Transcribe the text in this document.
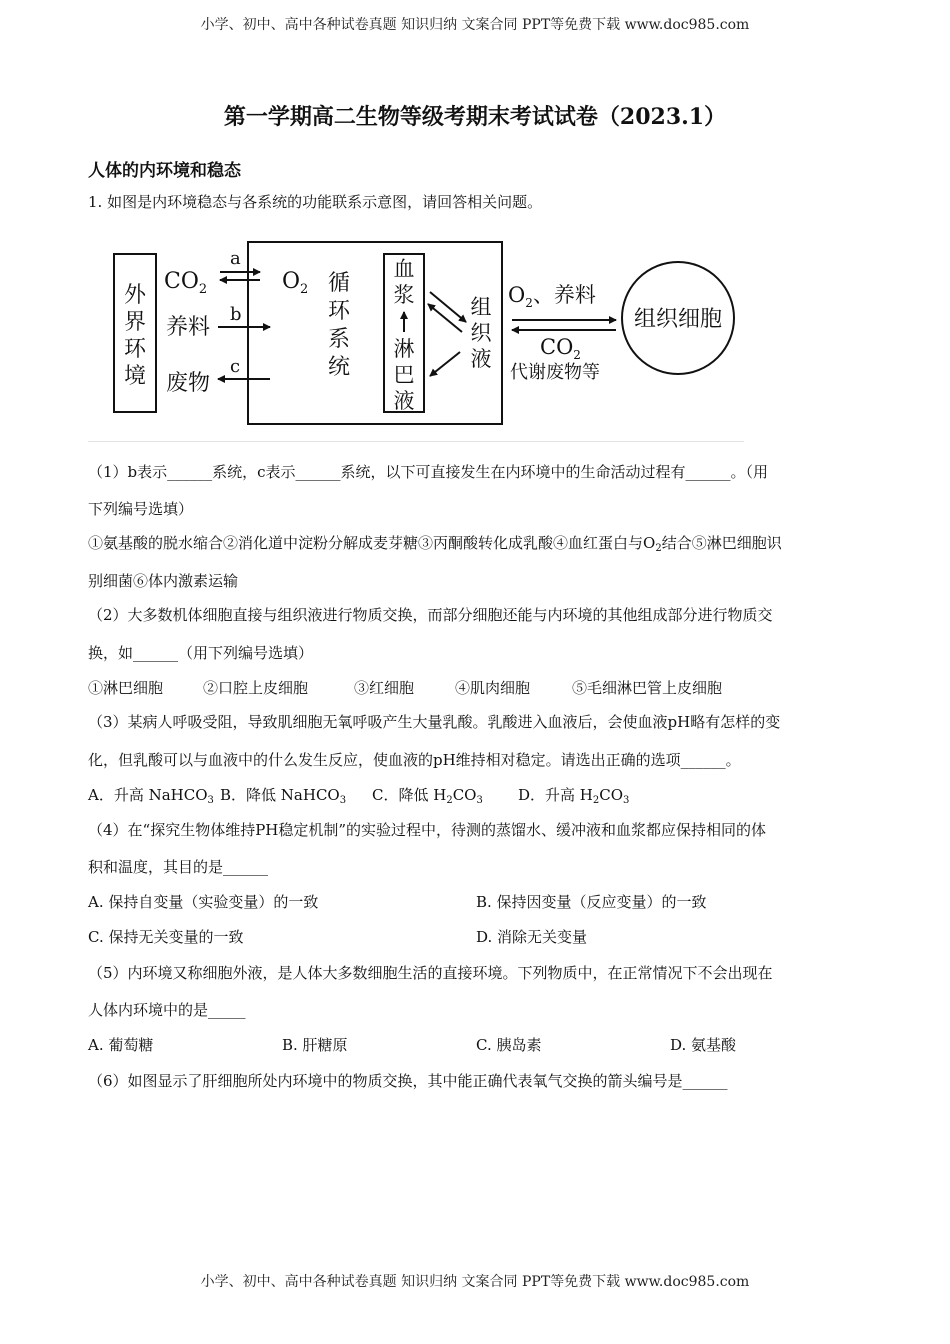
小学、初中、高中各种试卷真题 知识归纳 文案合同 PPT等免费下载 www.doc985.com
第一学期高二生物等级考期末考试试卷（2023.1）
人体的内环境和稳态
1. 如图是内环境稳态与各系统的功能联系示意图，请回答相关问题。
外
界
环
境
$CO_2$
a
$O_2$
养料
b
废物
c
循
环
系
统
血
浆
淋
巴
液
组
织
液
$O_2$、养料
$CO_2$
代谢废物等
组织细胞
（1）b表示______系统，c表示______系统，以下可直接发生在内环境中的生命活动过程有______。（用
下列编号选填）
①氨基酸的脱水缩合②消化道中淀粉分解成麦芽糖③丙酮酸转化成乳酸④血红蛋白与$O_2$结合⑤淋巴细胞识
别细菌⑥体内激素运输
（2）大多数机体细胞直接与组织液进行物质交换，而部分细胞还能与内环境的其他组成部分进行物质交
换，如______（用下列编号选填）
①淋巴细胞	②口腔上皮细胞	③红细胞	④肌肉细胞	⑤毛细淋巴管上皮细胞
（3）某病人呼吸受阻，导致肌细胞无氧呼吸产生大量乳酸。乳酸进入血液后，会使血液pH略有怎样的变
化，但乳酸可以与血液中的什么发生反应，使血液的pH维持相对稳定。请选出正确的选项______。
A．升高 NaHCO$_3$ B．降低 NaHCO$_3$ C．降低 $H_2CO_3$ D．升高 $H_2CO_3$
（4）在“探究生物体维持PH稳定机制”的实验过程中，待测的蒸馏水、缓冲液和血浆都应保持相同的体
积和温度，其目的是______
A. 保持自变量（实验变量）的一致	B. 保持因变量（反应变量）的一致
C. 保持无关变量的一致	D. 消除无关变量
（5）内环境又称细胞外液，是人体大多数细胞生活的直接环境。下列物质中，在正常情况下不会出现在
人体内环境中的是_____
A. 葡萄糖	B. 肝糖原	C. 胰岛素	D. 氨基酸
（6）如图显示了肝细胞所处内环境中的物质交换，其中能正确代表氧气交换的箭头编号是______
小学、初中、高中各种试卷真题 知识归纳 文案合同 PPT等免费下载 www.doc985.com
